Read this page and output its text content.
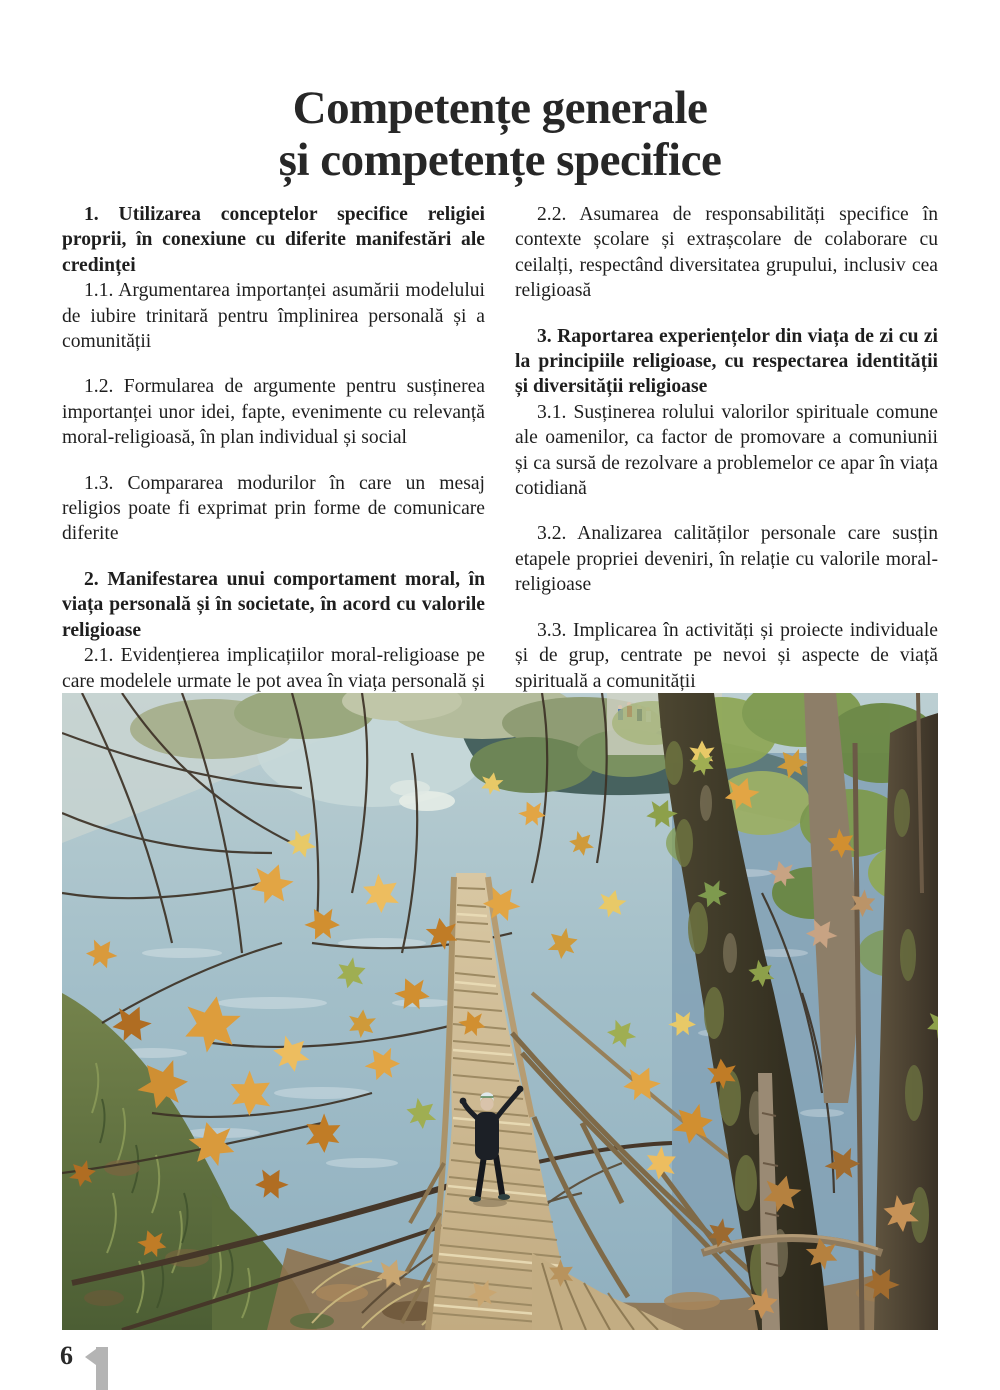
Competențe generale
și competențe specifice

1. Utilizarea conceptelor specifice religiei proprii, în conexiune cu diferite manifestări ale credinței

1.1. Argumentarea importanței asumării modelului de iubire trinitară pentru împlinirea personală și a comunității

1.2. Formularea de argumente pentru susținerea importanței unor idei, fapte, evenimente cu relevanță moral-religioasă, în plan individual și social

1.3. Compararea modurilor în care un mesaj religios poate fi exprimat prin forme de comunicare diferite

2. Manifestarea unui comportament moral, în viața personală și în societate, în acord cu valorile religioase

2.1. Evidențierea implicațiilor moral-religioase pe care modelele urmate le pot avea în viața personală și

2.2. Asumarea de responsabilități specifice în contexte școlare și extrașcolare de colaborare cu ceilalți, respectând diversitatea grupului, inclusiv cea religioasă

3. Raportarea experiențelor din viața de zi cu zi la principiile religioase, cu respectarea identității și diversității religioase

3.1. Susținerea rolului valorilor spirituale comune ale oamenilor, ca factor de promovare a comuniunii și ca sursă de rezolvare a problemelor ce apar în viața cotidiană

3.2. Analizarea calităților personale care susțin etapele propriei deveniri, în relație cu valorile moral-religioase

3.3. Implicarea în activități și proiecte individuale și de grup, centrate pe nevoi și aspecte de viață spirituală a comunității

6
